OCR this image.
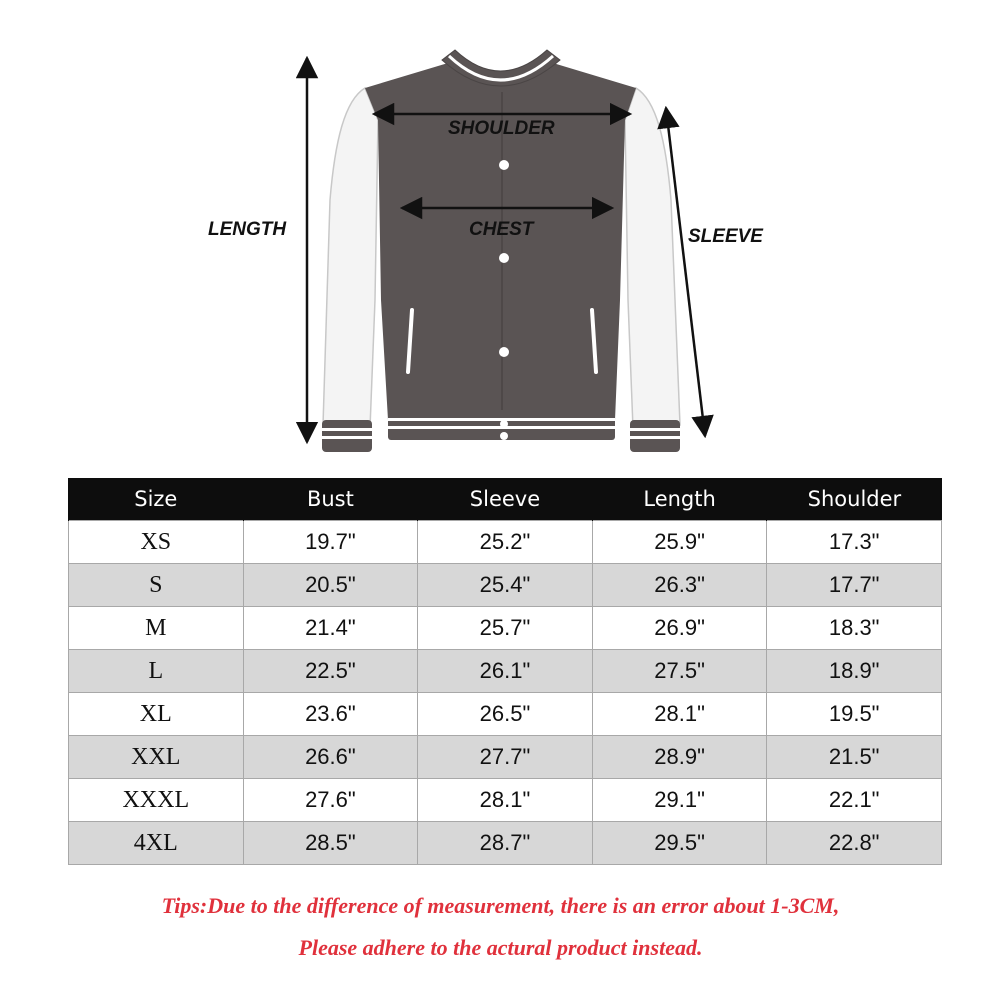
SHOULDER
CHEST
LENGTH	SLEEVE
Size	Bust	Sleeve	Length	Shoulder
XS	19.7"	25.2"	25.9"	17.3"
S	20.5"	25.4"	26.3"	17.7"
M	21.4"	25.7"	26.9"	18.3"
L	22.5"	26.1"	27.5"	18.9"
XL	23.6"	26.5"	28.1"	19.5"
XXL	26.6"	27.7"	28.9"	21.5"
XXXL	27.6"	28.1"	29.1"	22.1"
4XL	28.5"	28.7"	29.5"	22.8"
Tips:Due to the difference of measurement, there is an error about 1-3CM,
Please adhere to the actural product instead.
